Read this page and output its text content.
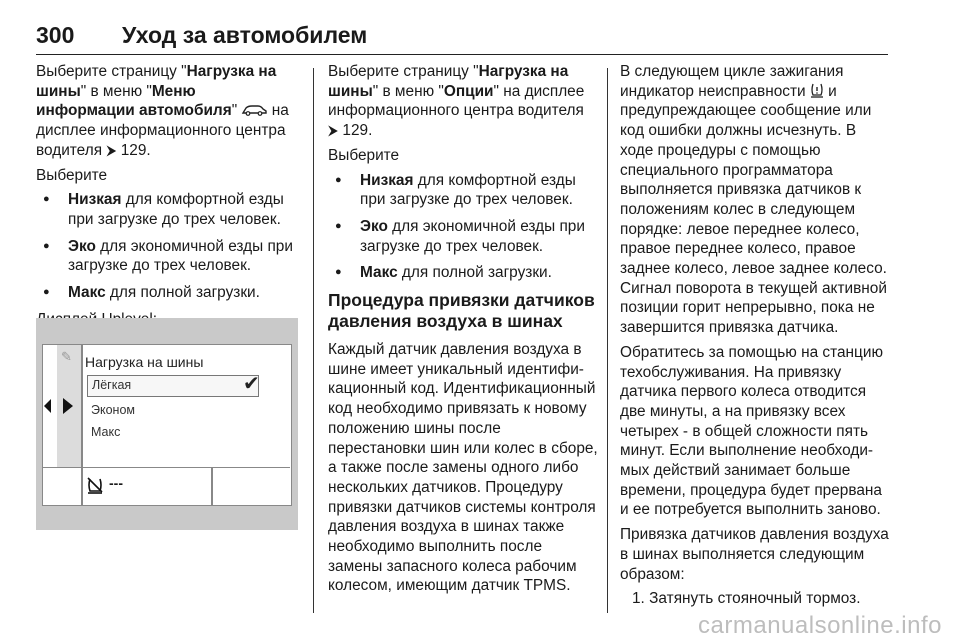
300 Уход за автомобилем

Выберите страницу "Нагрузка на шины" в меню "Меню информации автомобиля"  на дисплее информационного центра водителя ⮞ 129.

Выберите

● Низкая для комфортной езды при загрузке до трех человек.
● Эко для экономичной езды при загрузке до трех человек.
● Макс для полной загрузки.

✎ Нагрузка на шины
Лёгкая	✔
Эконом
Макс
---

Выберите страницу "Нагрузка на шины" в меню "Опции" на дисплее информационного центра водителя ⮞ 129.

Выберите

● Низкая для комфортной езды при загрузке до трех человек.
● Эко для экономичной езды при загрузке до трех человек.
● Макс для полной загрузки.
Процедура привязки датчиков давления воздуха в шинах

Каждый датчик давления воздуха в шине имеет уникальный идентификационный код. Идентификационный код необходимо привязать к новому положению шины после перестановки шин или колес в сборе, а также после замены одного либо нескольких датчиков. Процедуру привязки датчиков системы контроля давления воздуха в шинах также необходимо выполнить после замены запасного колеса рабочим колесом, имеющим датчик TPMS.

В следующем цикле зажигания индикатор неисправности  и предупреждающее сообщение или код ошибки должны исчезнуть. В ходе процедуры с помощью специального программатора выполняется привязка датчиков к положениям колес в следующем порядке: левое переднее колесо, правое переднее колесо, правое заднее колесо, левое заднее колесо. Сигнал поворота в текущей активной позиции горит непрерывно, пока не завершится привязка датчика.

Обратитесь за помощью на станцию техобслуживания. На привязку датчика первого колеса отводится две минуты, а на привязку всех четырех - в общей сложности пять минут. Если выполнение необходимых действий занимает больше времени, процедура будет прервана и ее потребуется выполнить заново.

Привязка датчиков давления воздуха в шинах выполняется следующим образом:

1. Затянуть стояночный тормоз.
carmanualsonline.info
